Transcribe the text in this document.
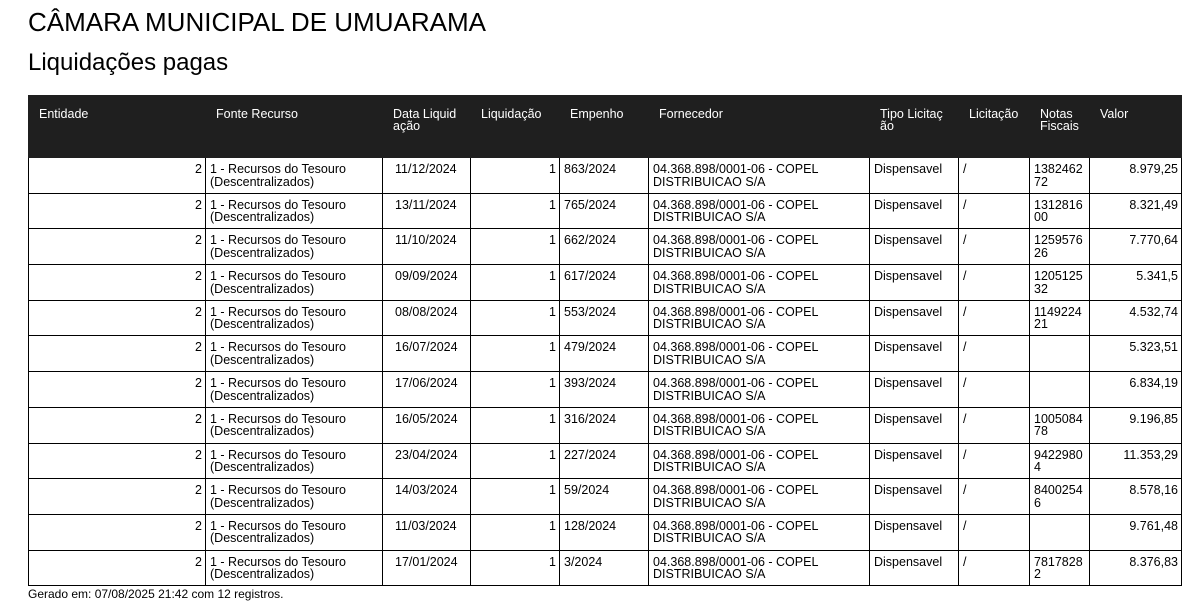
CÂMARA MUNICIPAL DE UMUARAMA
Liquidações pagas
Entidade	Fonte Recurso	Data Liquidação	Liquidação	Empenho	Fornecedor	Tipo Licitação	Licitação	Notas Fiscais	Valor
2	1 - Recursos do Tesouro (Descentralizados)	11/12/2024	1	863/2024	04.368.898/0001-06 - COPEL DISTRIBUICAO S/A	Dispensavel	/	138246272	8.979,25
2	1 - Recursos do Tesouro (Descentralizados)	13/11/2024	1	765/2024	04.368.898/0001-06 - COPEL DISTRIBUICAO S/A	Dispensavel	/	131281600	8.321,49
2	1 - Recursos do Tesouro (Descentralizados)	11/10/2024	1	662/2024	04.368.898/0001-06 - COPEL DISTRIBUICAO S/A	Dispensavel	/	125957626	7.770,64
2	1 - Recursos do Tesouro (Descentralizados)	09/09/2024	1	617/2024	04.368.898/0001-06 - COPEL DISTRIBUICAO S/A	Dispensavel	/	120512532	5.341,5
2	1 - Recursos do Tesouro (Descentralizados)	08/08/2024	1	553/2024	04.368.898/0001-06 - COPEL DISTRIBUICAO S/A	Dispensavel	/	114922421	4.532,74
2	1 - Recursos do Tesouro (Descentralizados)	16/07/2024	1	479/2024	04.368.898/0001-06 - COPEL DISTRIBUICAO S/A	Dispensavel	/		5.323,51
2	1 - Recursos do Tesouro (Descentralizados)	17/06/2024	1	393/2024	04.368.898/0001-06 - COPEL DISTRIBUICAO S/A	Dispensavel	/		6.834,19
2	1 - Recursos do Tesouro (Descentralizados)	16/05/2024	1	316/2024	04.368.898/0001-06 - COPEL DISTRIBUICAO S/A	Dispensavel	/	100508478	9.196,85
2	1 - Recursos do Tesouro (Descentralizados)	23/04/2024	1	227/2024	04.368.898/0001-06 - COPEL DISTRIBUICAO S/A	Dispensavel	/	94229804	11.353,29
2	1 - Recursos do Tesouro (Descentralizados)	14/03/2024	1	59/2024	04.368.898/0001-06 - COPEL DISTRIBUICAO S/A	Dispensavel	/	84002546	8.578,16
2	1 - Recursos do Tesouro (Descentralizados)	11/03/2024	1	128/2024	04.368.898/0001-06 - COPEL DISTRIBUICAO S/A	Dispensavel	/		9.761,48
2	1 - Recursos do Tesouro (Descentralizados)	17/01/2024	1	3/2024	04.368.898/0001-06 - COPEL DISTRIBUICAO S/A	Dispensavel	/	78178282	8.376,83
Gerado em: 07/08/2025 21:42 com 12 registros.
